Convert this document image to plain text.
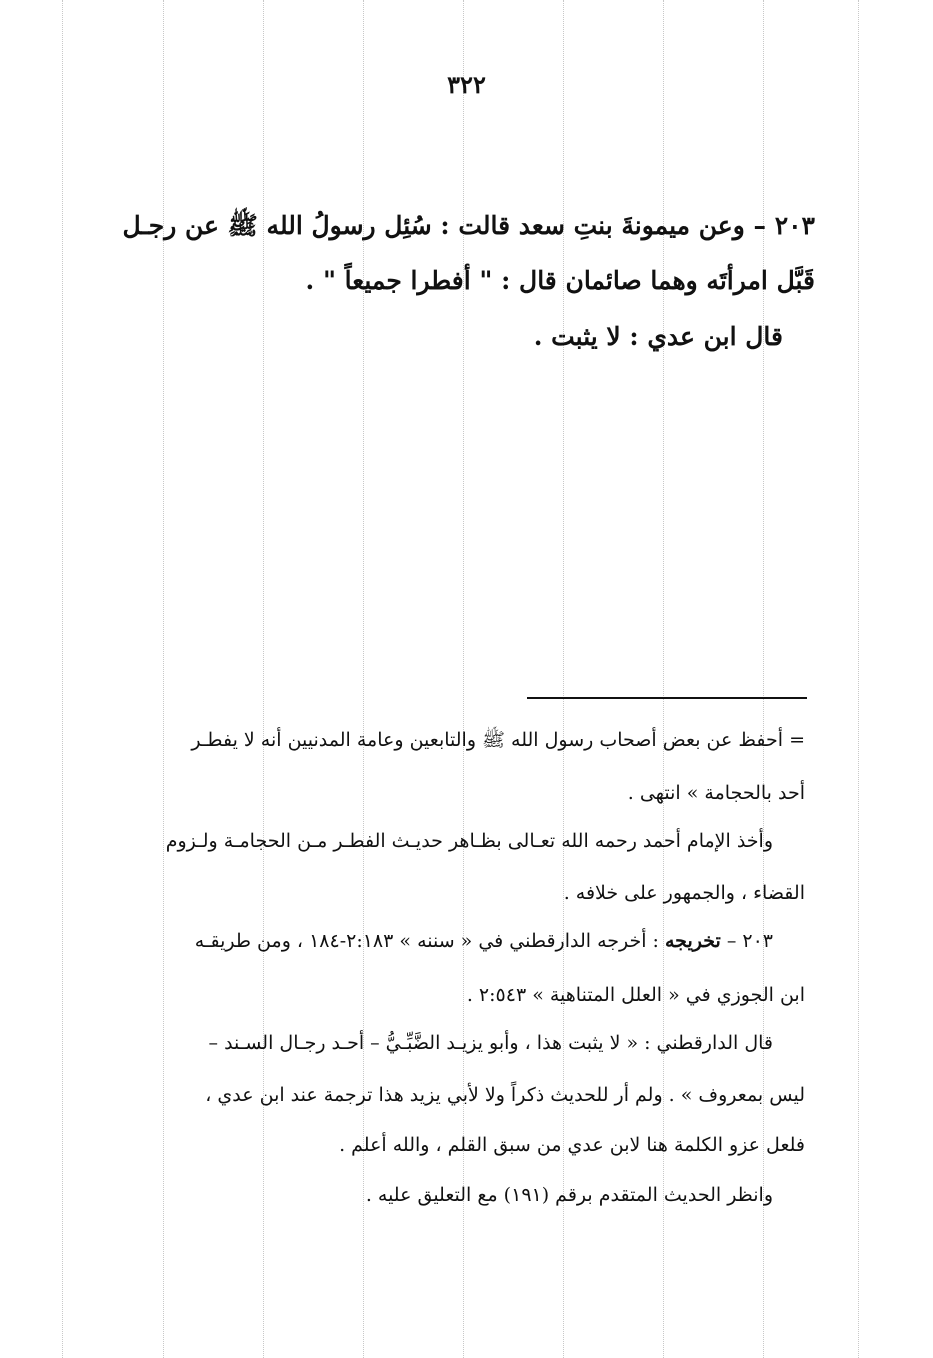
٣٢٢
٢٠٣ – وعن ميمونةَ بنتِ سعد قالت : سُئِل رسولُ الله ﷺ عن رجـل
قَبَّل امرأتَه وهما صائمان قال : " أفطرا جميعاً " .
قال ابن عدي : لا يثبت .
= أحفظ عن بعض أصحاب رسول الله ﷺ والتابعين وعامة المدنيين أنه لا يفطـر
أحد بالحجامة » انتهى .
وأخذ الإمام أحمد رحمه الله تعـالى بظـاهر حديـث الفطـر مـن الحجامـة ولـزوم
القضاء ، والجمهور على خلافه .
٢٠٣ – تخريجه : أخرجه الدارقطني في « سننه » ٢:١٨٣-١٨٤ ، ومن طريقـه
ابن الجوزي في « العلل المتناهية » ٢:٥٤٣ .
قال الدارقطني : « لا يثبت هذا ، وأبو يزيـد الضَّبِّـيُّ – أحـد رجـال السـند –
ليس بمعروف » . ولم أر للحديث ذكراً ولا لأبي يزيد هذا ترجمة عند ابن عدي ،
فلعل عزو الكلمة هنا لابن عدي من سبق القلم ، والله أعلم .
وانظر الحديث المتقدم برقم (١٩١) مع التعليق عليه .
